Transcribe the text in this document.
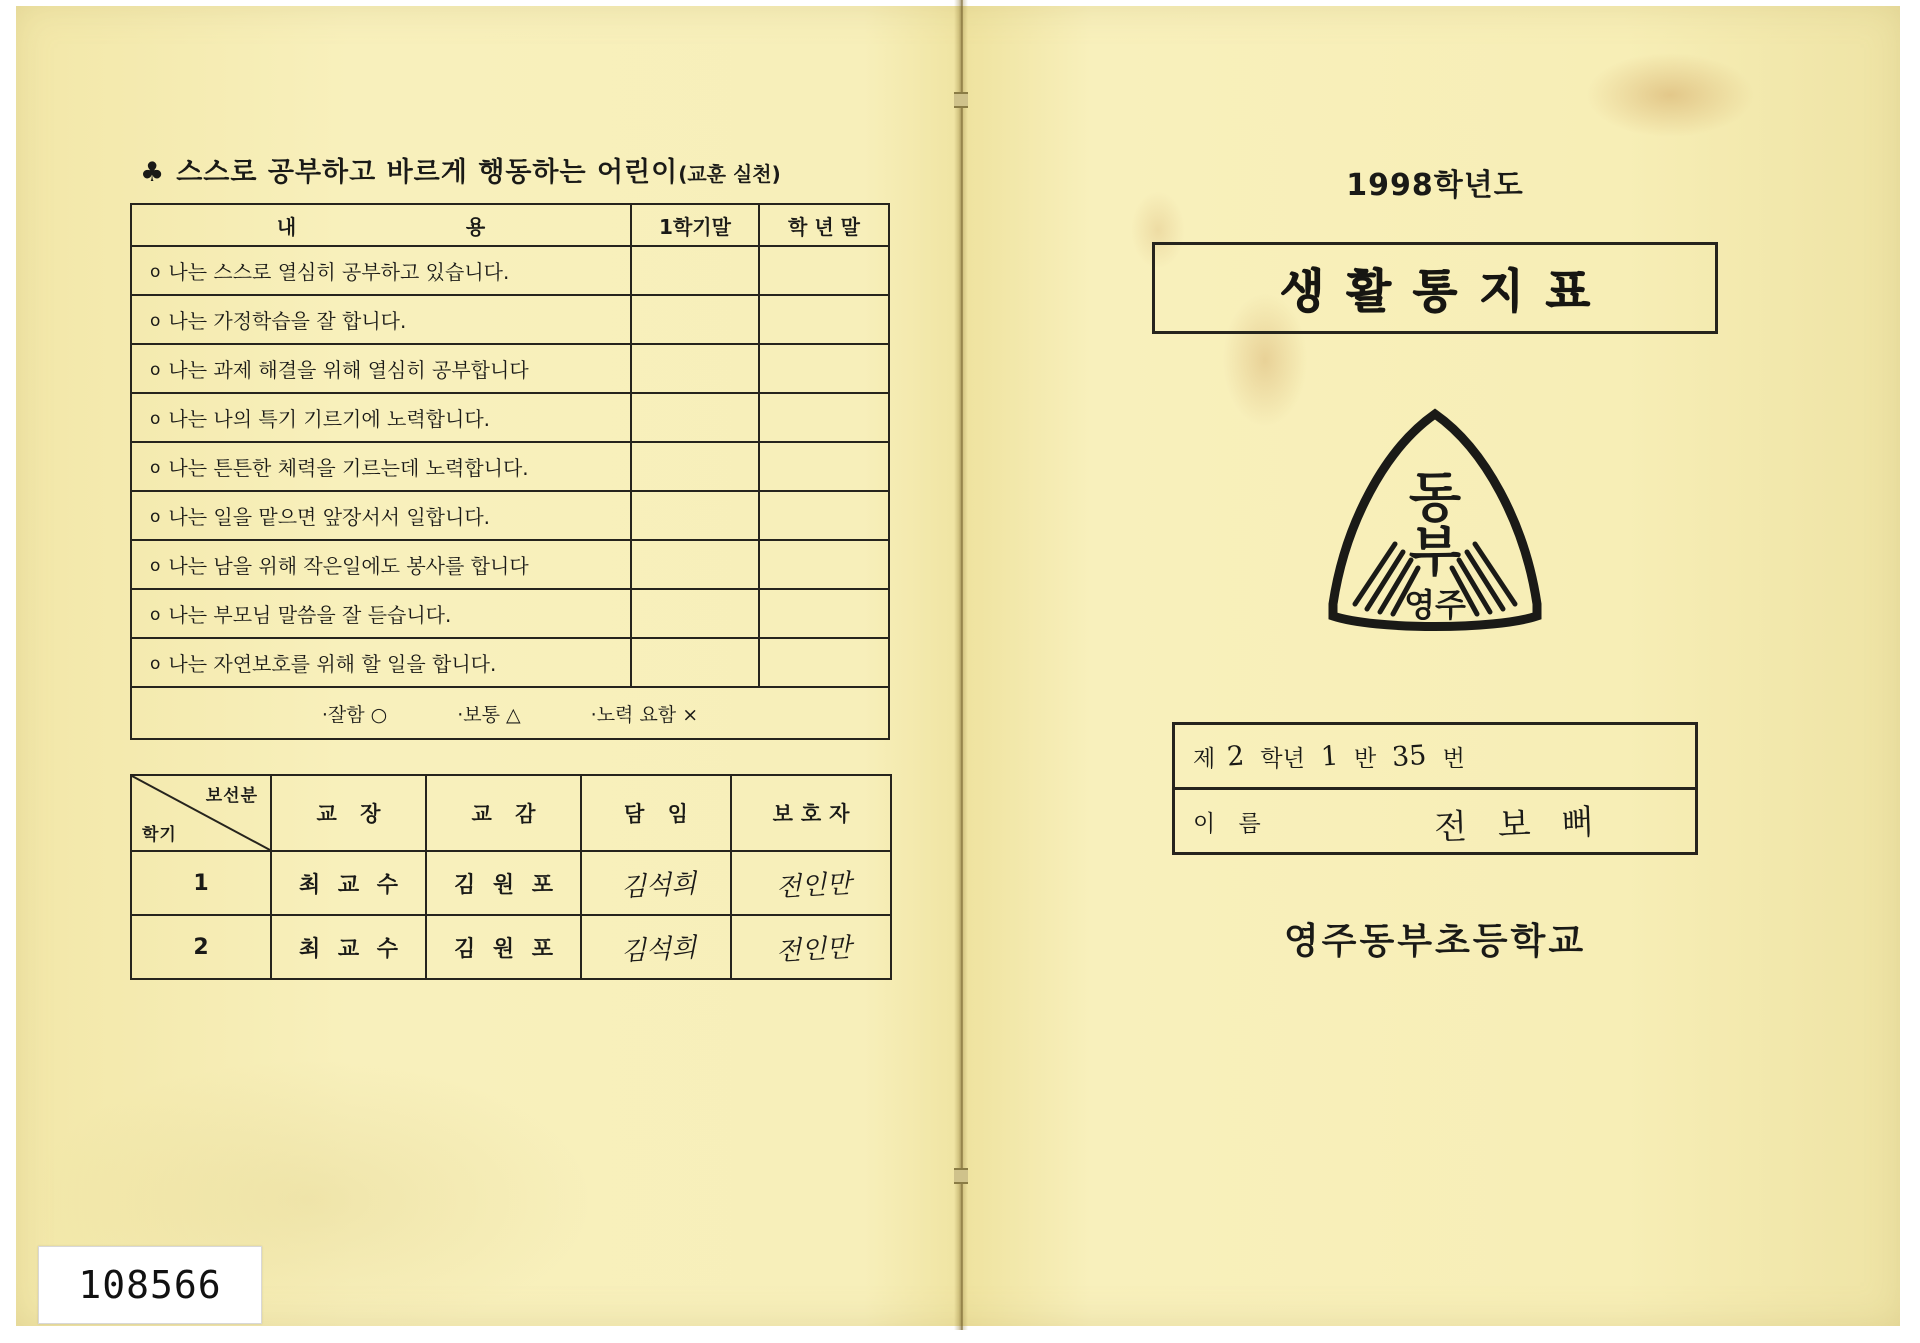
♣ 스스로 공부하고 바르게 행동하는 어린이 (교훈 실천)
내 용	1학기말	학 년 말
o 나는 스스로 열심히 공부하고 있습니다.		
o 나는 가정학습을 잘 합니다.		
o 나는 과제 해결을 위해 열심히 공부합니다		
o 나는 나의 특기 기르기에 노력합니다.		
o 나는 튼튼한 체력을 기르는데 노력합니다.		
o 나는 일을 맡으면 앞장서서 일합니다.		
o 나는 남을 위해 작은일에도 봉사를 합니다		
o 나는 부모님 말씀을 잘 듣습니다.		
o 나는 자연보호를 위해 할 일을 합니다.		

·잘함 ○ ·보통 △ ·노력 요함 ×		
보선분
학기	교 장	교 감	담 임	보호자
1	최 교 수	김 원 포	김석희	전인만
2	최 교 수	김 원 포	김석희	전인만
1998학년도
생활통지표
동
부
영주
제 2 학년 1 반 35 번
이 름	전 보 뻐
영주동부초등학교
108566
